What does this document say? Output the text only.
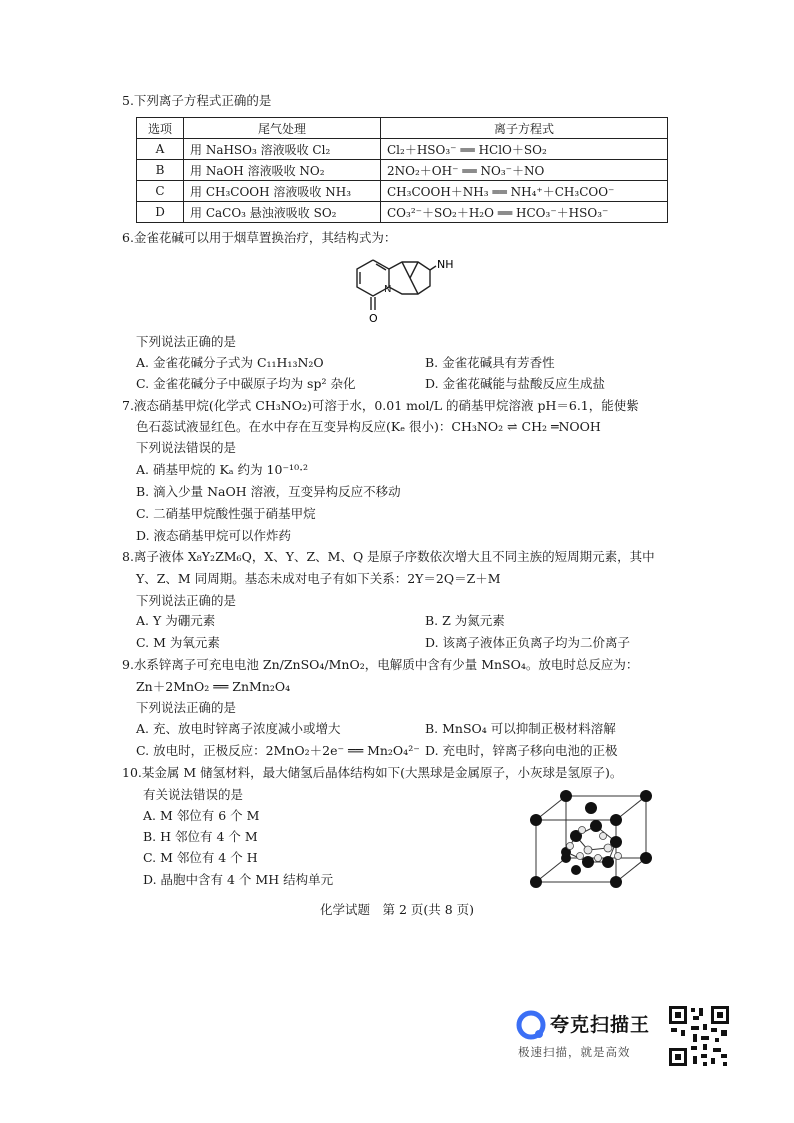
5.下列离子方程式正确的是
选项	尾气处理	离子方程式
A	用 NaHSO₃ 溶液吸收 Cl₂	Cl₂＋HSO₃⁻ ══ HClO＋SO₂
B	用 NaOH 溶液吸收 NO₂	2NO₂＋OH⁻ ══ NO₃⁻＋NO
C	用 CH₃COOH 溶液吸收 NH₃	CH₃COOH＋NH₃ ══ NH₄⁺＋CH₃COO⁻
D	用 CaCO₃ 悬浊液吸收 SO₂	CO₃²⁻＋SO₂＋H₂O ══ HCO₃⁻＋HSO₃⁻
6.金雀花碱可以用于烟草置换治疗，其结构式为：
NH
N
O
下列说法正确的是
A. 金雀花碱分子式为 C₁₁H₁₃N₂O	B. 金雀花碱具有芳香性
C. 金雀花碱分子中碳原子均为 sp² 杂化	D. 金雀花碱能与盐酸反应生成盐
7.液态硝基甲烷(化学式 CH₃NO₂)可溶于水，0.01 mol/L 的硝基甲烷溶液 pH＝6.1，能使紫
色石蕊试液显红色。在水中存在互变异构反应(Kₑ 很小)：CH₃NO₂ ⇌ CH₂ ═NOOH
下列说法错误的是
A. 硝基甲烷的 Kₐ 约为 10⁻¹⁰·²
B. 滴入少量 NaOH 溶液，互变异构反应不移动
C. 二硝基甲烷酸性强于硝基甲烷
D. 液态硝基甲烷可以作炸药
8.离子液体 X₈Y₂ZM₆Q，X、Y、Z、M、Q 是原子序数依次增大且不同主族的短周期元素，其中
Y、Z、M 同周期。基态未成对电子有如下关系：2Y＝2Q＝Z＋M
下列说法正确的是
A. Y 为硼元素	B. Z 为氮元素
C. M 为氧元素	D. 该离子液体正负离子均为二价离子
9.水系锌离子可充电电池 Zn/ZnSO₄/MnO₂，电解质中含有少量 MnSO₄。放电时总反应为：
Zn＋2MnO₂ ══ ZnMn₂O₄
下列说法正确的是
A. 充、放电时锌离子浓度减小或增大	B. MnSO₄ 可以抑制正极材料溶解
C. 放电时，正极反应：2MnO₂＋2e⁻ ══ Mn₂O₄²⁻ D. 充电时，锌离子移向电池的正极
10.某金属 M 储氢材料，最大储氢后晶体结构如下(大黑球是金属原子，小灰球是氢原子)。
有关说法错误的是
A. M 邻位有 6 个 M
B. H 邻位有 4 个 M
C. M 邻位有 4 个 H
D. 晶胞中含有 4 个 MH 结构单元
化学试题　第 2 页(共 8 页)
夸克扫描王
极速扫描，就是高效
